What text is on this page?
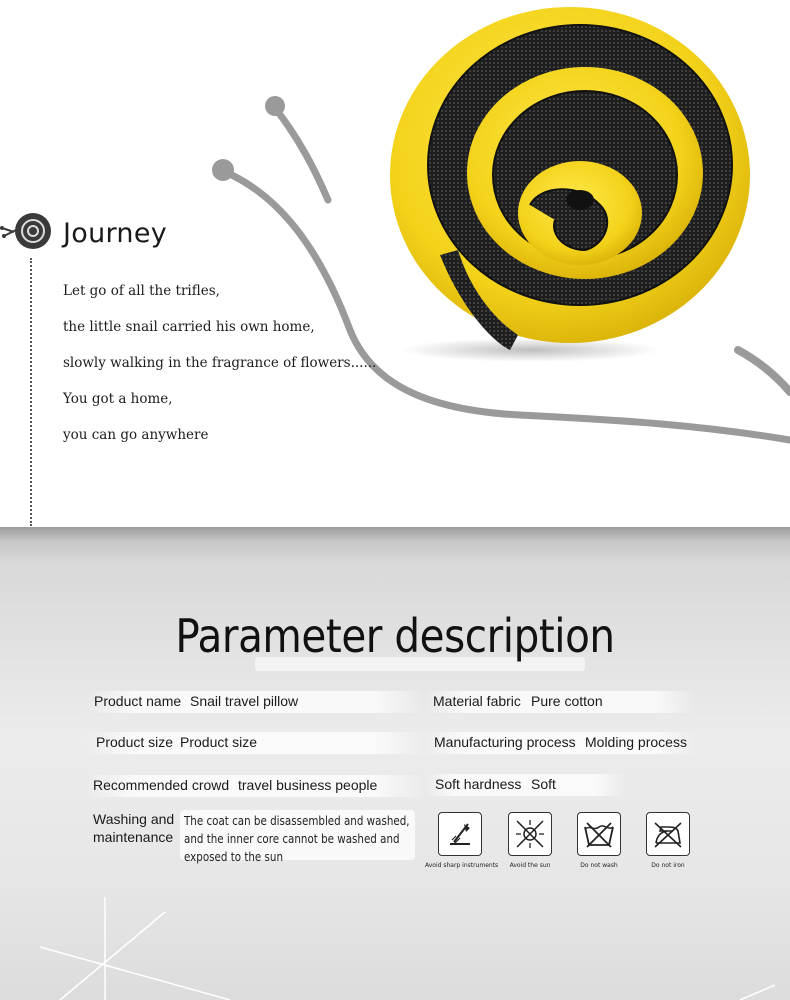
Journey
Let go of all the trifles,
the little snail carried his own home,
slowly walking in the fragrance of flowers......
You got a home,
you can go anywhere
Parameter description
Product name Snail travel pillow	Material fabric Pure cotton
Product size Product size	Manufacturing process Molding process
Recommended crowd travel business people	Soft hardness Soft
Washing and
maintenance
The coat can be disassembled and washed,
and the inner core cannot be washed and
exposed to the sun
Avoid sharp instruments	Avoid the sun	Do not wash	Do not iron
